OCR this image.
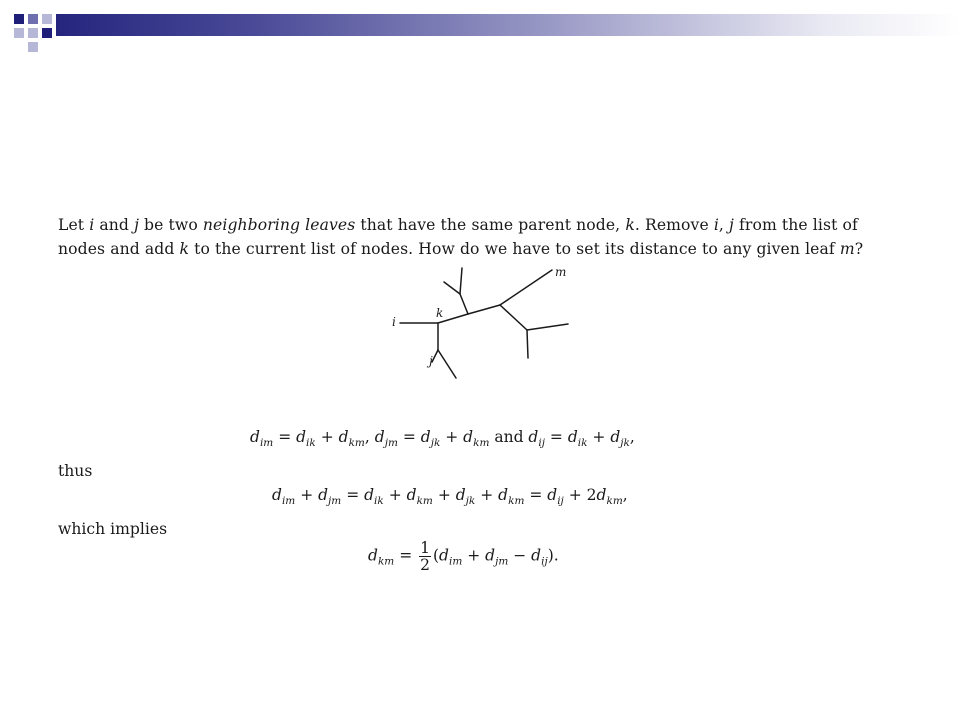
Let i and j be two neighboring leaves that have the same parent node, k. Remove i, j from the list of nodes and add k to the current list of nodes. How do we have to set its distance to any given leaf m?
m
k
i
j
$d_{im} = d_{ik} + d_{km}$, $d_{jm} = d_{jk} + d_{km}$ and $d_{ij} = d_{ik} + d_{jk}$,
thus
$d_{im} + d_{jm} = d_{ik} + d_{km} + d_{jk} + d_{km} = d_{ij} + 2d_{km}$,
which implies
$d_{km} = \frac{1}{2} (d_{im} + d_{jm} - d_{ij})$.
